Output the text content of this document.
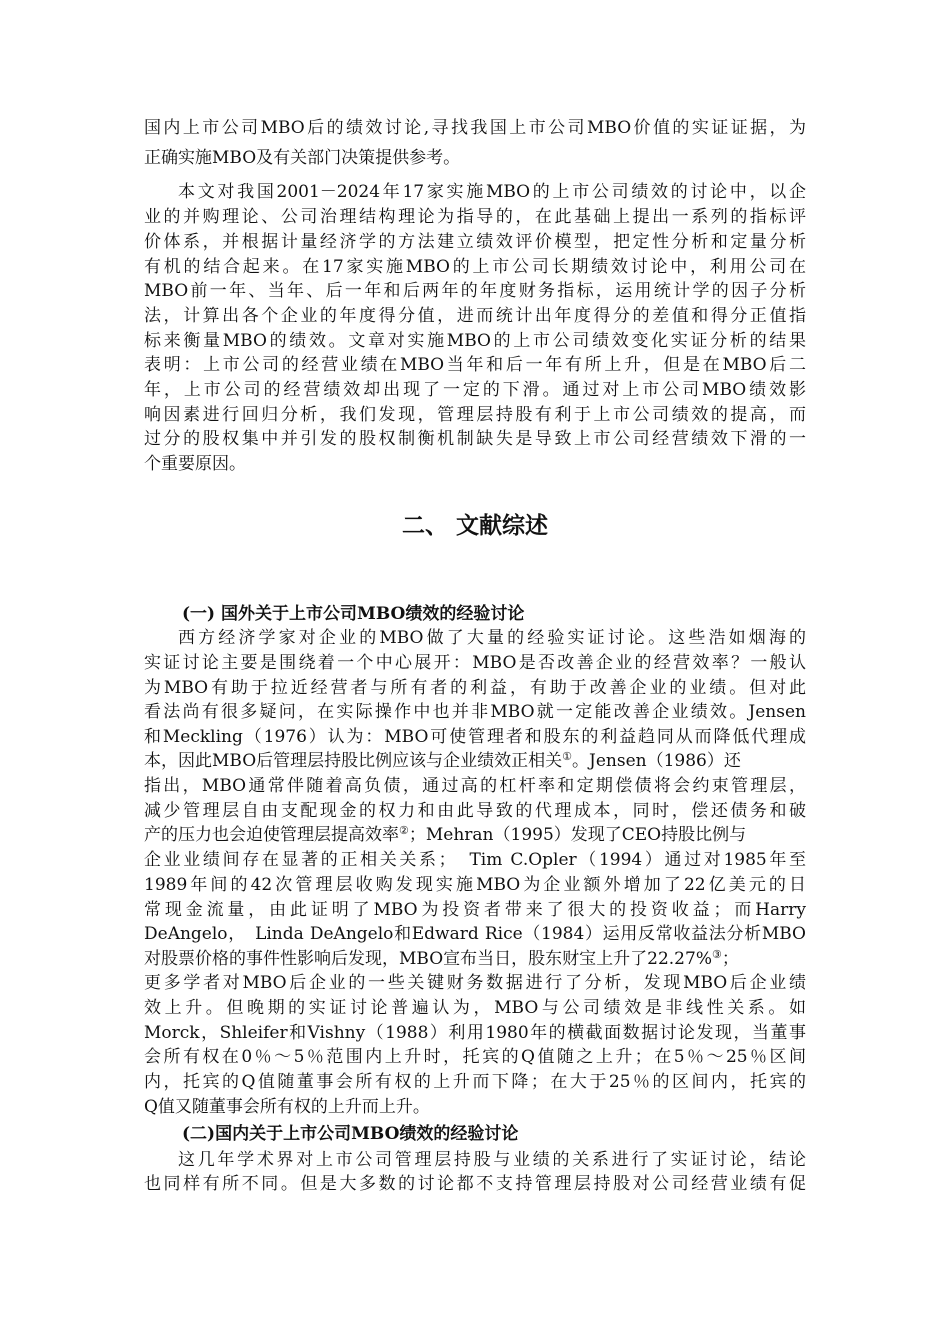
国内上市公司MBO后的绩效讨论,寻找我国上市公司MBO价值的实证证据，为
正确实施MBO及有关部门决策提供参考。
本文对我国2001－2024年17家实施MBO的上市公司绩效的讨论中，以企
业的并购理论、公司治理结构理论为指导的，在此基础上提出一系列的指标评
价体系，并根据计量经济学的方法建立绩效评价模型，把定性分析和定量分析
有机的结合起来。在17家实施MBO的上市公司长期绩效讨论中，利用公司在
MBO前一年、当年、后一年和后两年的年度财务指标，运用统计学的因子分析
法，计算出各个企业的年度得分值，进而统计出年度得分的差值和得分正值指
标来衡量MBO的绩效。文章对实施MBO的上市公司绩效变化实证分析的结果
表明：上市公司的经营业绩在MBO当年和后一年有所上升，但是在MBO后二
年，上市公司的经营绩效却出现了一定的下滑。通过对上市公司MBO绩效影
响因素进行回归分析，我们发现，管理层持股有利于上市公司绩效的提高，而
过分的股权集中并引发的股权制衡机制缺失是导致上市公司经营绩效下滑的一
个重要原因。
二、 文献综述
(一) 国外关于上市公司MBO绩效的经验讨论
西方经济学家对企业的MBO做了大量的经验实证讨论。这些浩如烟海的
实证讨论主要是围绕着一个中心展开：MBO是否改善企业的经营效率？一般认
为MBO有助于拉近经营者与所有者的利益，有助于改善企业的业绩。但对此
看法尚有很多疑问，在实际操作中也并非MBO就一定能改善企业绩效。Jensen
和Meckling（1976）认为：MBO可使管理者和股东的利益趋同从而降低代理成
本，因此MBO后管理层持股比例应该与企业绩效正相关①。Jensen（1986）还
指出，MBO通常伴随着高负债，通过高的杠杆率和定期偿债将会约束管理层，
减少管理层自由支配现金的权力和由此导致的代理成本，同时，偿还债务和破
产的压力也会迫使管理层提高效率②；Mehran（1995）发现了CEO持股比例与
企业业绩间存在显著的正相关关系；　Tim C.Opler（1994）通过对1985年至
1989年间的42次管理层收购发现实施MBO为企业额外增加了22亿美元的日
常现金流量，由此证明了MBO为投资者带来了很大的投资收益；而Harry
DeAngelo，　Linda DeAngelo和Edward Rice（1984）运用反常收益法分析MBO
对股票价格的事件性影响后发现，MBO宣布当日，股东财宝上升了22.27%③；
更多学者对MBO后企业的一些关键财务数据进行了分析，发现MBO后企业绩
效上升。但晚期的实证讨论普遍认为，MBO与公司绩效是非线性关系。如
Morck，Shleifer和Vishny（1988）利用1980年的横截面数据讨论发现，当董事
会所有权在0％～5％范围内上升时，托宾的Q值随之上升；在5％～25％区间
内，托宾的Q值随董事会所有权的上升而下降；在大于25％的区间内，托宾的
Q值又随董事会所有权的上升而上升。
(二)国内关于上市公司MBO绩效的经验讨论
这几年学术界对上市公司管理层持股与业绩的关系进行了实证讨论，结论
也同样有所不同。但是大多数的讨论都不支持管理层持股对公司经营业绩有促
